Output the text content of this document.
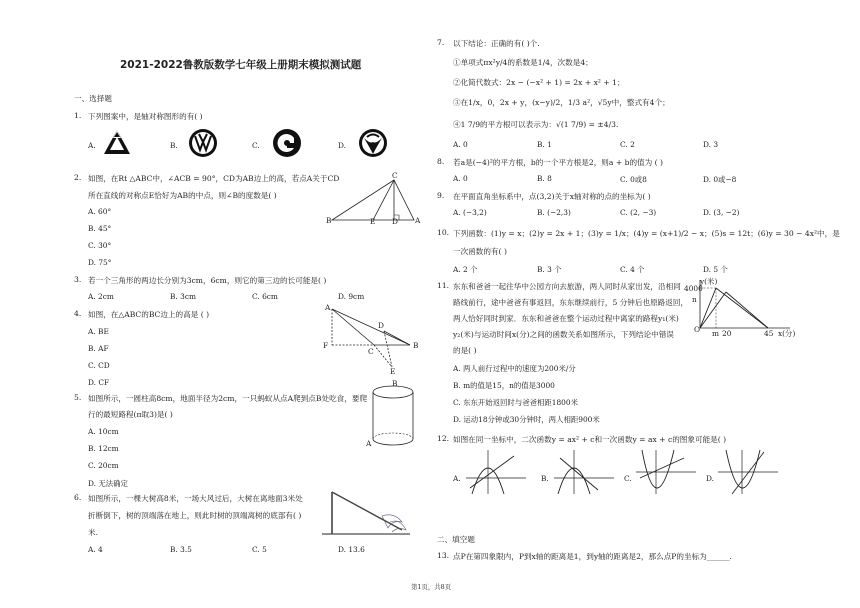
2021-2022鲁教版数学七年级上册期末模拟测试题
一、选择题
1. 下列图案中，是轴对称图形的有( )
A.	B.	C.	D.
2. 如图，在Rt △ABC中，∠ACB = 90°，CD为AB边上的高，若点A关于CD
所在直线的对称点E恰好为AB的中点，则∠B的度数是( )
A. 60°
B. 45°
C. 30°
D. 75°
C
B	E D A
3. 若一个三角形的两边长分别为3cm，6cm，则它的第三边的长可能是( )
A. 2cm	B. 3cm	C. 6cm	D. 9cm
4. 如图，在△ABC的BC边上的高是 ( )
A. BE
B. AF
C. CD
D. CF
A
D
F
C
B
E
5. 如图所示，一圆柱高8cm，地面半径为2cm，一只蚂蚁从点A爬到点B处吃食，要爬
行的最短路程(π取3)是( )
A. 10cm
B. 12cm
C. 20cm
D. 无法确定
B
A
6. 如图所示，一棵大树高8米，一场大风过后，大树在离地面3米处
折断倒下，树的顶端落在地上，则此时树的顶端离树的底部有( )
米.
A. 4	B. 3.5	C. 5	D. 13.6
7. 以下结论：正确的有( )个.
①单项式πx²y/4的系数是1/4，次数是4；
②化简代数式：2x − (−x² + 1) = 2x + x² + 1；
③在1/x，0，2x + y，(x−y)/2，1/3 a²，√5y中，整式有4个；
④1 7/9的平方根可以表示为：√(1 7/9) = ±4/3.
A. 0	B. 1	C. 2	D. 3
8. 若a是(−4)²的平方根，b的一个平方根是2，则a + b的值为 ( )
A. 0	B. 8	C. 0或8	D. 0或−8
9. 在平面直角坐标系中，点(3,2)关于x轴对称的点的坐标为( )
A. (−3,2)	B. (−2,3)	C. (2, −3)	D. (3, −2)
10. 下列函数：(1)y = x；(2)y = 2x + 1；(3)y = 1/x；(4)y = (x+1)/2 − x；(5)s = 12t；(6)y = 30 − 4x²中，是
一次函数的有( )
A. 2 个	B. 3 个	C. 4 个	D. 5 个
11. 东东和爸爸一起往华中公园方向去旅游，两人同时从家出发，沿相同
路线前行，途中爸爸有事返回，东东继续前行，5 分钟后也原路返回，
两人恰好同时到家．东东和爸爸在整个运动过程中离家的路程y₁(米)
y₂(米)与运动时间x(分)之间的函数关系如图所示，下列结论中错误
的是( )
A. 两人前行过程中的速度为200米/分
B. m的值是15，n的值是3000
C. 东东开始返回时与爸爸相距1800米
D. 运动18分钟或30分钟时，两人相距900米
y(米)
4000
n
O m 20	45 x(分)
12. 如图在同一坐标中，二次函数y = ax² + c和一次函数y = ax + c的图象可能是( )
A.	B.	C.	D.
二、填空题
13. 点P在第四象限内，P到x轴的距离是1，到y轴的距离是2，那么点P的坐标为______.
第1页，共8页
